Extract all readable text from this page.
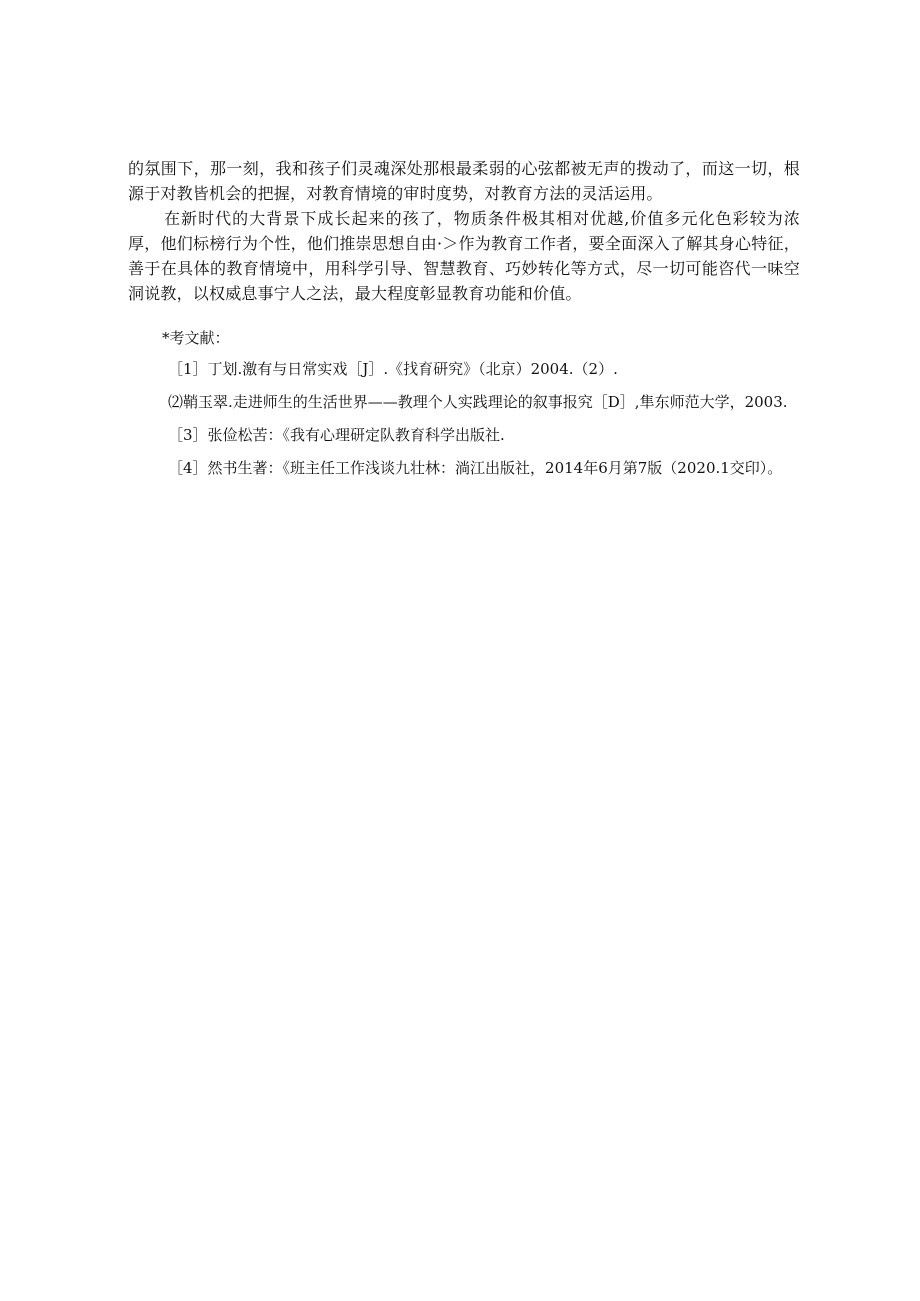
的氛围下，那一刻，我和孩子们灵魂深处那根最柔弱的心弦都被无声的拨动了，而这一切，根源于对教皆机会的把握，对教育情境的审时度势，对教育方法的灵活运用。

在新时代的大背景下成长起来的孩了，物质条件极其相对优越,价值多元化色彩较为浓厚，他们标榜行为个性，他们推崇思想自由·＞作为教育工作者，要全面深入了解其身心特征，善于在具体的教育情境中，用科学引导、智慧教育、巧妙转化等方式，尽一切可能咨代一味空洞说教，以权威息事宁人之法，最大程度彰显教育功能和价值。

*考文献：
［1］丁划.激有与日常实戏［J］.《找育研究》（北京）2004.（2）.
⑵鞘玉翠.走进师生的生活世界——教理个人实践理论的叙事报究［D］,隼东师范大学，2003.
［3］张俭松苦：《我有心理研定队教育科学出版社.
［4］然书生著：《班主任工作浅谈九壮林：淌江出版社，2014年6月第7版（2020.1交印）。
